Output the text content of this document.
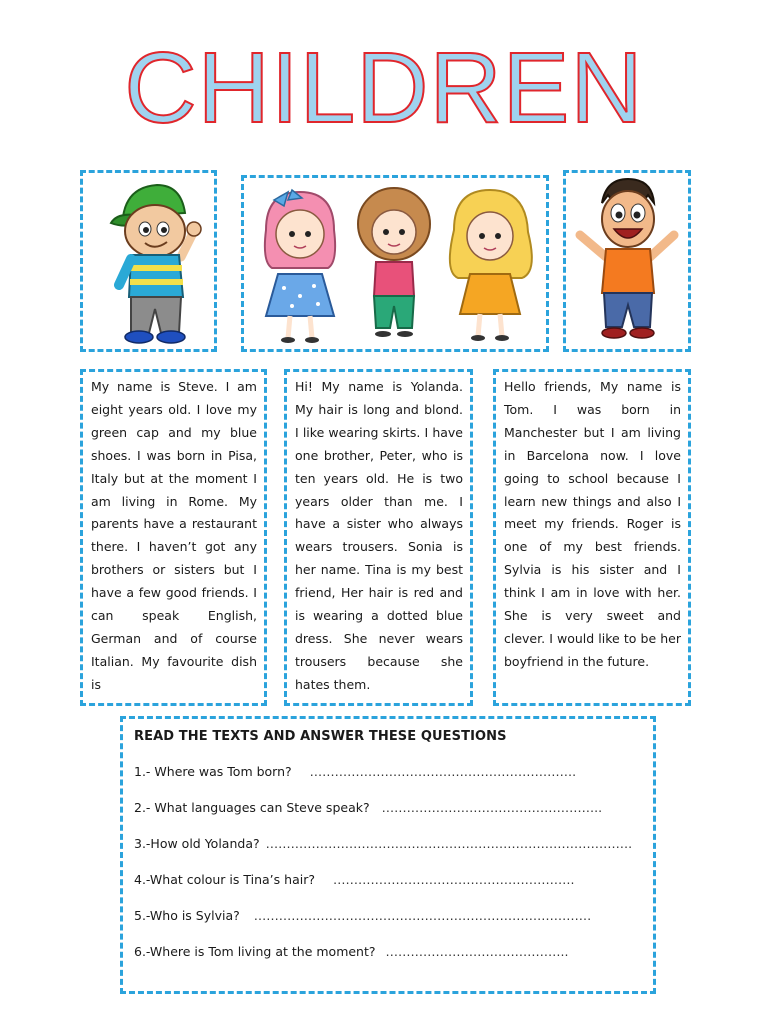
CHILDREN
My name is Steve. I am eight years old. I love my green cap and my blue shoes. I was born in Pisa, Italy but at the moment I am living in Rome. My parents have a restaurant there. I haven’t got any brothers or sisters but I have a few good friends. I can speak English, German and of course Italian. My favourite dish is
Hi! My name is Yolanda. My hair is long and blond. I like wearing skirts. I have one brother, Peter, who is ten years old. He is two years older than me. I have a sister who always wears trousers. Sonia is her name. Tina is my best friend, Her hair is red and is wearing a dotted blue dress. She never wears trousers because she hates them.
Hello friends, My name is Tom. I was born in Manchester but I am living in Barcelona now. I love going to school because I learn new things and also I meet my friends. Roger is one of my best friends. Sylvia is his sister and I think I am in love with her. She is very sweet and clever. I would like to be her boyfriend in the future.
READ THE TEXTS AND ANSWER THESE QUESTIONS
1.- Where was Tom born? ……………………………………………………….
2.- What languages can Steve speak? ……………………………………………..
3.-How old Yolanda? …………………………………………………………………………….
4.-What colour is Tina’s hair? ………………………………………………….
5.-Who is Sylvia? ………………………………………………………………………
6.-Where is Tom living at the moment? ……………………………………..
